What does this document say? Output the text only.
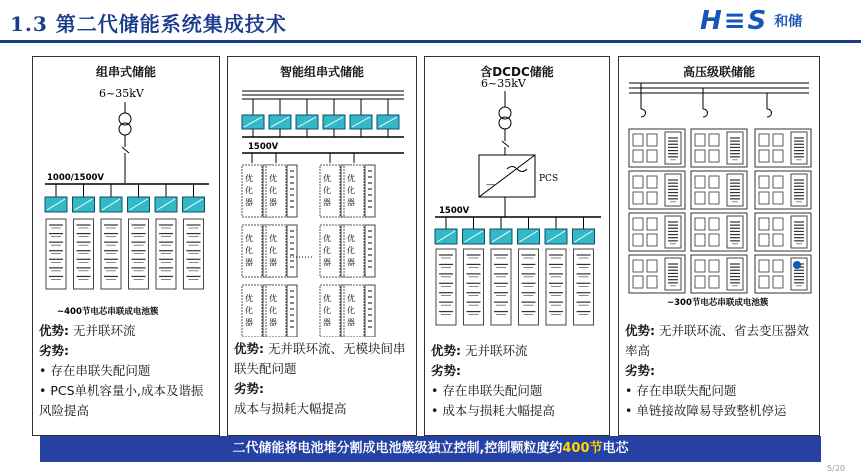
1.3 第二代储能系统集成技术	H≡S 和储
组串式储能
6~35kV
1000/1500V
~400节电芯串联成电池簇
优势: 无并联环流
劣势:
• 存在串联失配问题
• PCS单机容量小,成本及谐振风险提高
智能组串式储能
1500V
优
化
器
优
化
器
优
化
器
优
化
器
优
化
器
优
化
器
优
化
器
优
化
器
优
化
器
优
化
器
优
化
器
优
化
器
优势: 无并联环流、无模块间串联失配问题
劣势:
成本与损耗大幅提高
含DCDC储能
6~35kV
—
PCS
1500V
优势: 无并联环流
劣势:
• 存在串联失配问题
• 成本与损耗大幅提高
高压级联储能
~300节电芯串联成电池簇
优势: 无并联环流、省去变压器效率高
劣势:
• 存在串联失配问题
• 单链接故障易导致整机停运
二代储能将电池堆分割成电池簇级独立控制,控制颗粒度约400节电芯
5/20
